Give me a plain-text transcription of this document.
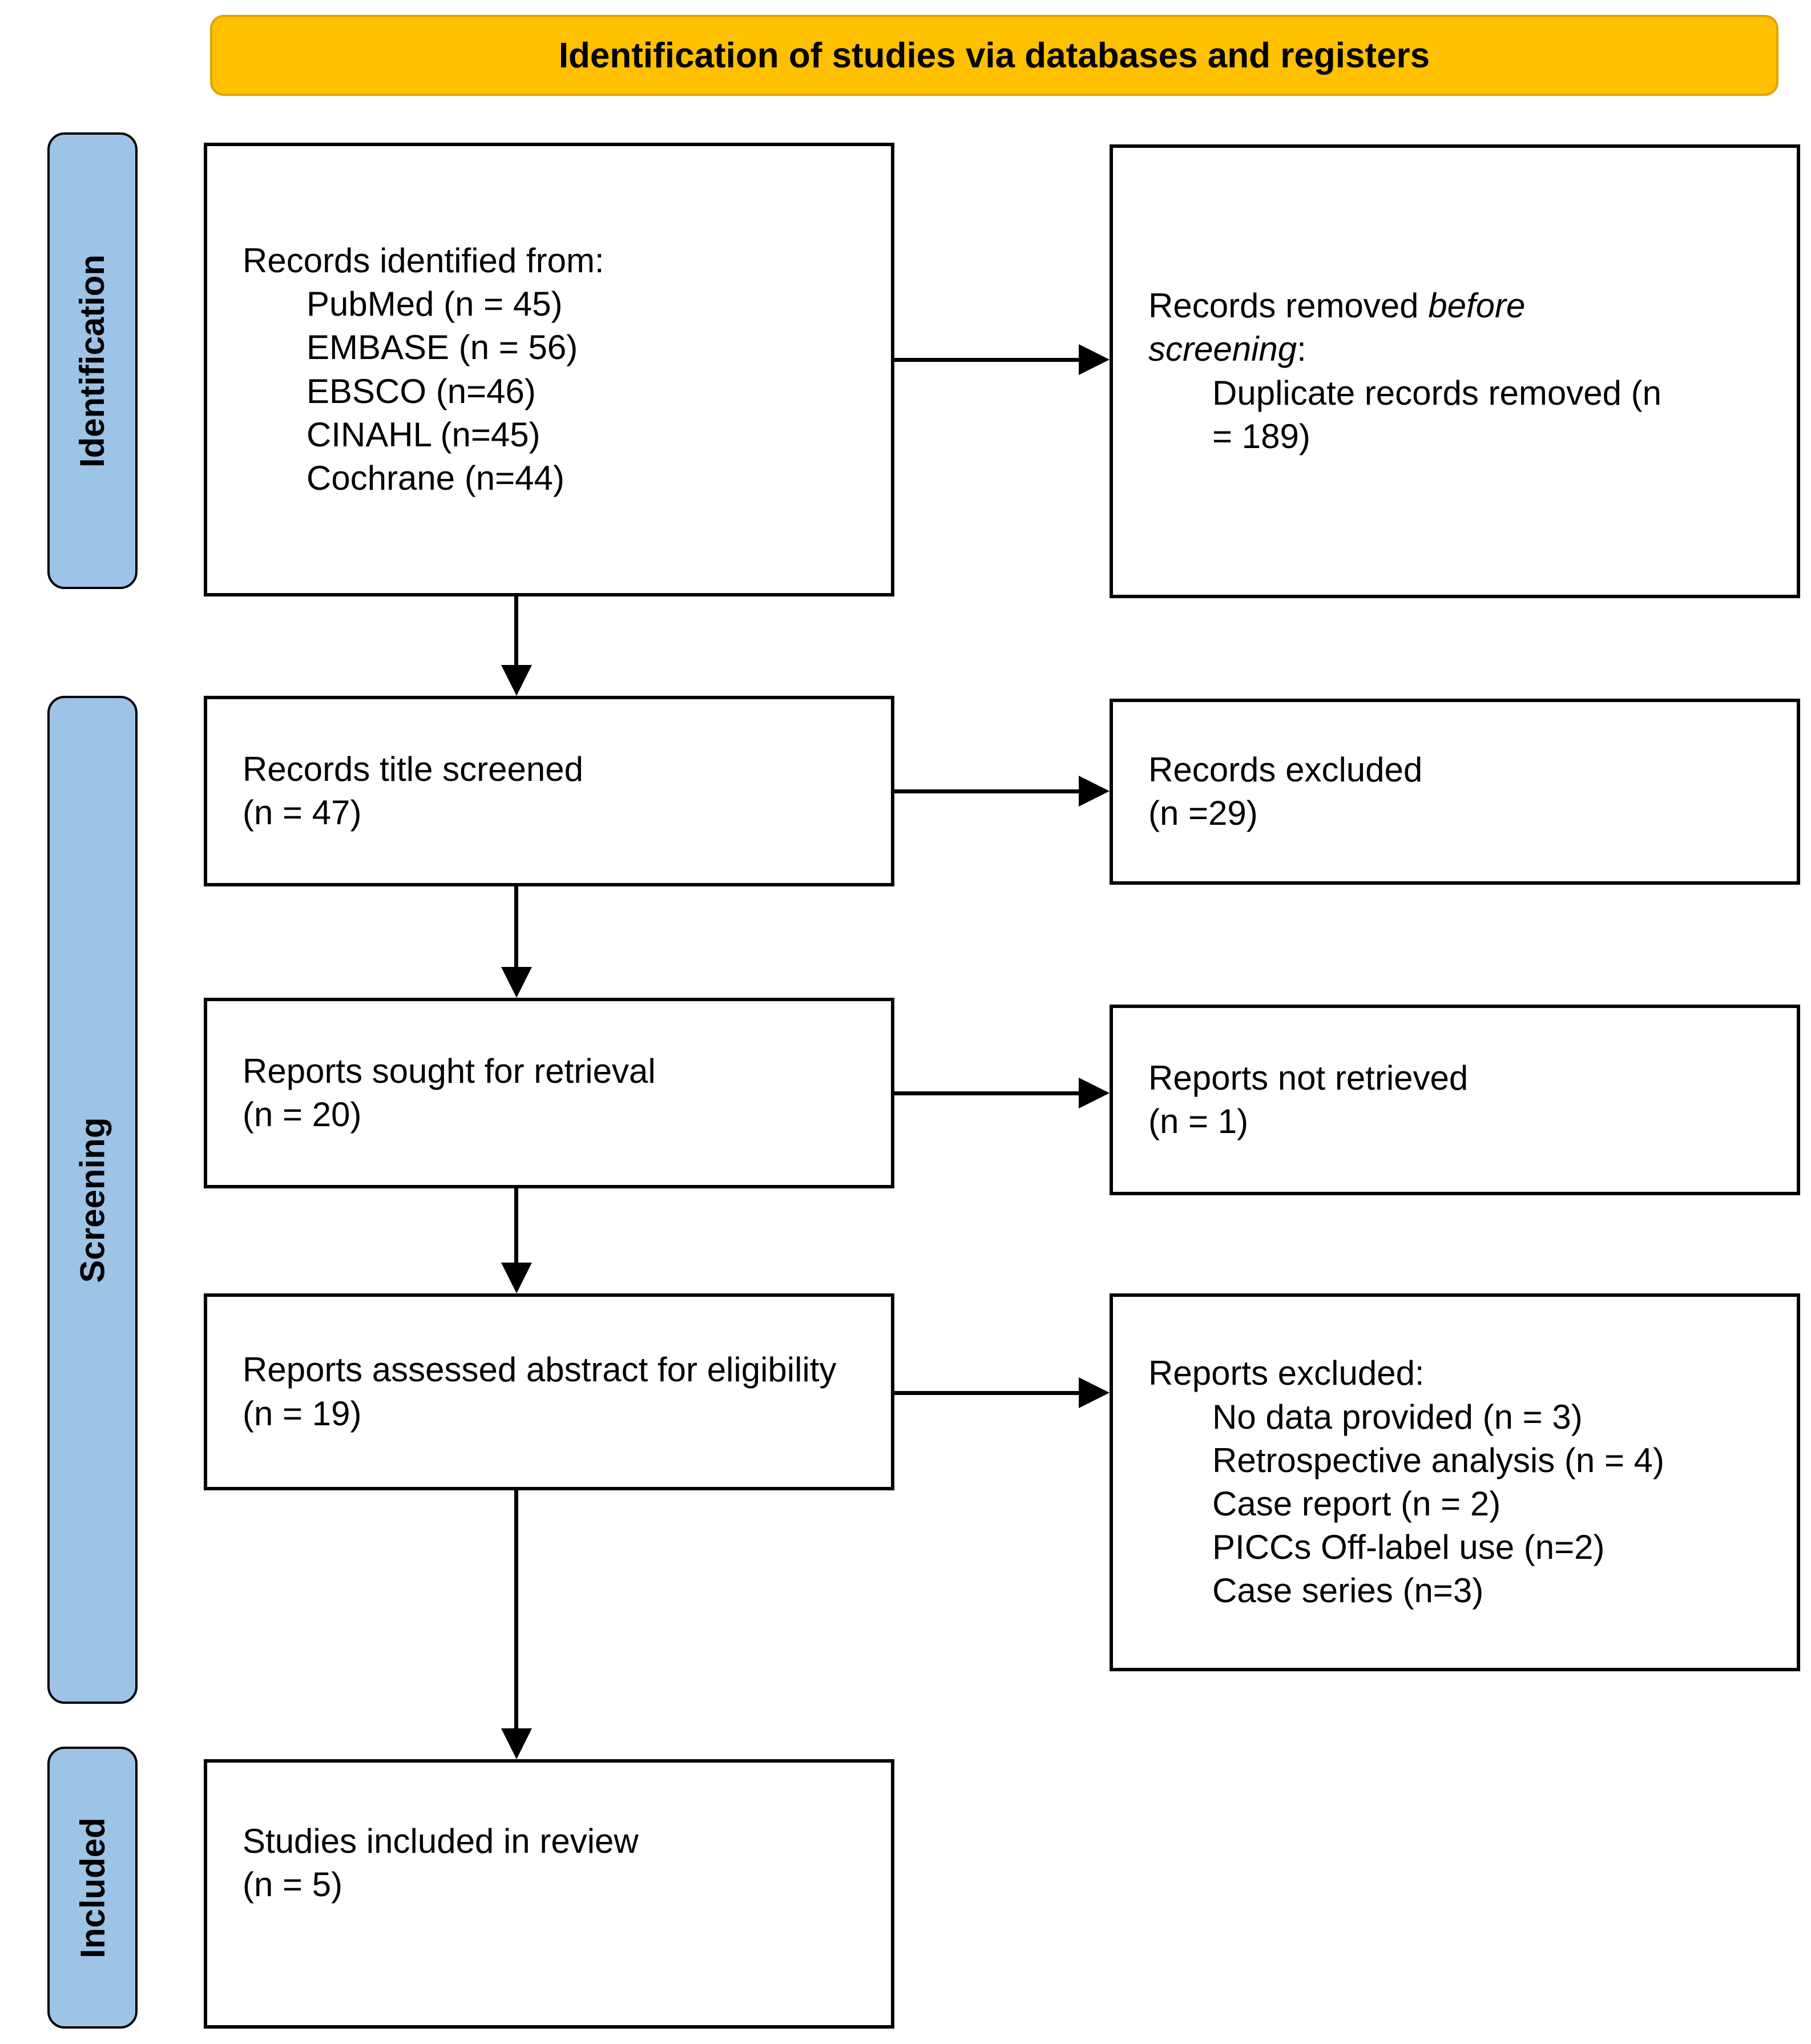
Identification of studies via databases and registers
Identification
Screening
Included
Records identified from:
PubMed (n = 45)
EMBASE (n = 56)
EBSCO (n=46)
CINAHL (n=45)
Cochrane (n=44)
Records title screened
(n = 47)
Reports sought for retrieval
(n = 20)
Reports assessed abstract for eligibility
(n = 19)
Studies included in review
(n = 5)
Records removed before screening:
Duplicate records removed (n = 189)
Records excluded
(n =29)
Reports not retrieved
(n = 1)
Reports excluded:
No data provided (n = 3)
Retrospective analysis (n = 4)
Case report (n = 2)
PICCs Off-label use (n=2)
Case series (n=3)
